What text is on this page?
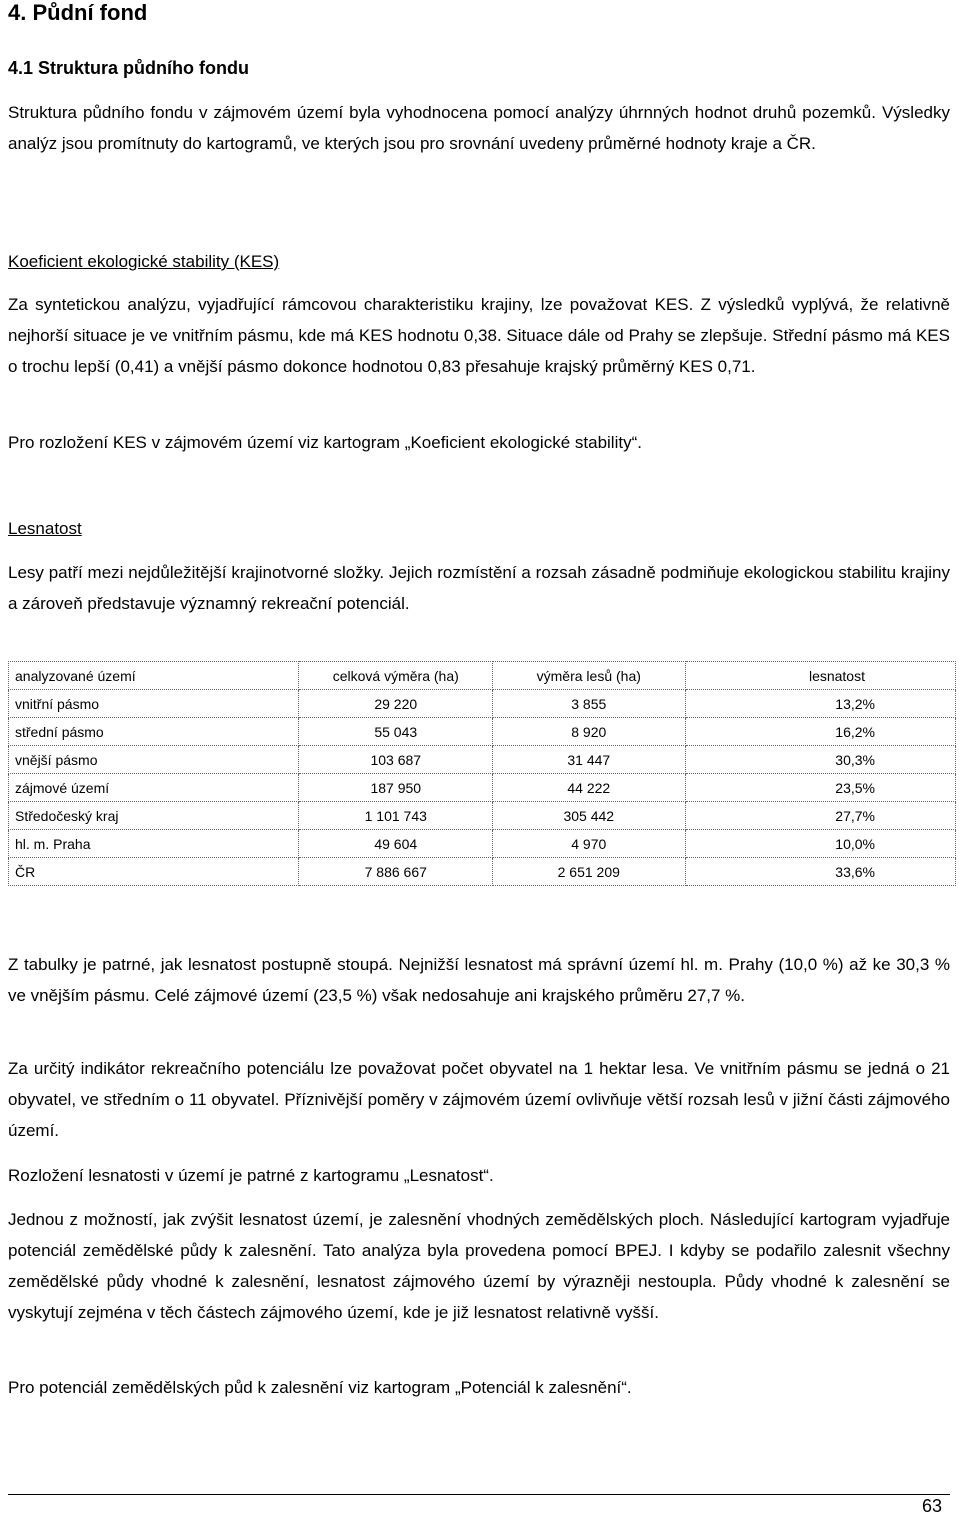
4. Půdní fond
4.1 Struktura půdního fondu

Struktura půdního fondu v zájmovém území byla vyhodnocena pomocí analýzy úhrnných hodnot druhů pozemků. Výsledky analýz jsou promítnuty do kartogramů, ve kterých jsou pro srovnání uvedeny průměrné hodnoty kraje a ČR.

Koeficient ekologické stability (KES)

Za syntetickou analýzu, vyjadřující rámcovou charakteristiku krajiny, lze považovat KES. Z výsledků vyplývá, že relativně nejhorší situace je ve vnitřním pásmu, kde má KES hodnotu 0,38. Situace dále od Prahy se zlepšuje. Střední pásmo má KES o trochu lepší (0,41) a vnější pásmo dokonce hodnotou 0,83 přesahuje krajský průměrný KES 0,71.

Pro rozložení KES v zájmovém území viz kartogram „Koeficient ekologické stability“.

Lesnatost

Lesy patří mezi nejdůležitější krajinotvorné složky. Jejich rozmístění a rozsah zásadně podmiňuje ekologickou stabilitu krajiny a zároveň představuje významný rekreační potenciál.

analyzované území	celková výměra (ha)	výměra lesů (ha)	lesnatost
vnitřní pásmo	29 220	3 855	13,2%
střední pásmo	55 043	8 920	16,2%
vnější pásmo	103 687	31 447	30,3%
zájmové území	187 950	44 222	23,5%
Středočeský kraj	1 101 743	305 442	27,7%
hl. m. Praha	49 604	4 970	10,0%
ČR	7 886 667	2 651 209	33,6%

Z tabulky je patrné, jak lesnatost postupně stoupá. Nejnižší lesnatost má správní území hl. m. Prahy (10,0 %) až ke 30,3 % ve vnějším pásmu. Celé zájmové území (23,5 %) však nedosahuje ani krajského průměru 27,7 %.

Za určitý indikátor rekreačního potenciálu lze považovat počet obyvatel na 1 hektar lesa. Ve vnitřním pásmu se jedná o 21 obyvatel, ve středním o 11 obyvatel. Příznivější poměry v zájmovém území ovlivňuje větší rozsah lesů v jižní části zájmového území.

Rozložení lesnatosti v území je patrné z kartogramu „Lesnatost“.

Jednou z možností, jak zvýšit lesnatost území, je zalesnění vhodných zemědělských ploch. Následující kartogram vyjadřuje potenciál zemědělské půdy k zalesnění. Tato analýza byla provedena pomocí BPEJ. I kdyby se podařilo zalesnit všechny zemědělské půdy vhodné k zalesnění, lesnatost zájmového území by výrazněji nestoupla. Půdy vhodné k zalesnění se vyskytují zejména v těch částech zájmového území, kde je již lesnatost relativně vyšší.

Pro potenciál zemědělských půd k zalesnění viz kartogram „Potenciál k zalesnění“.

63
